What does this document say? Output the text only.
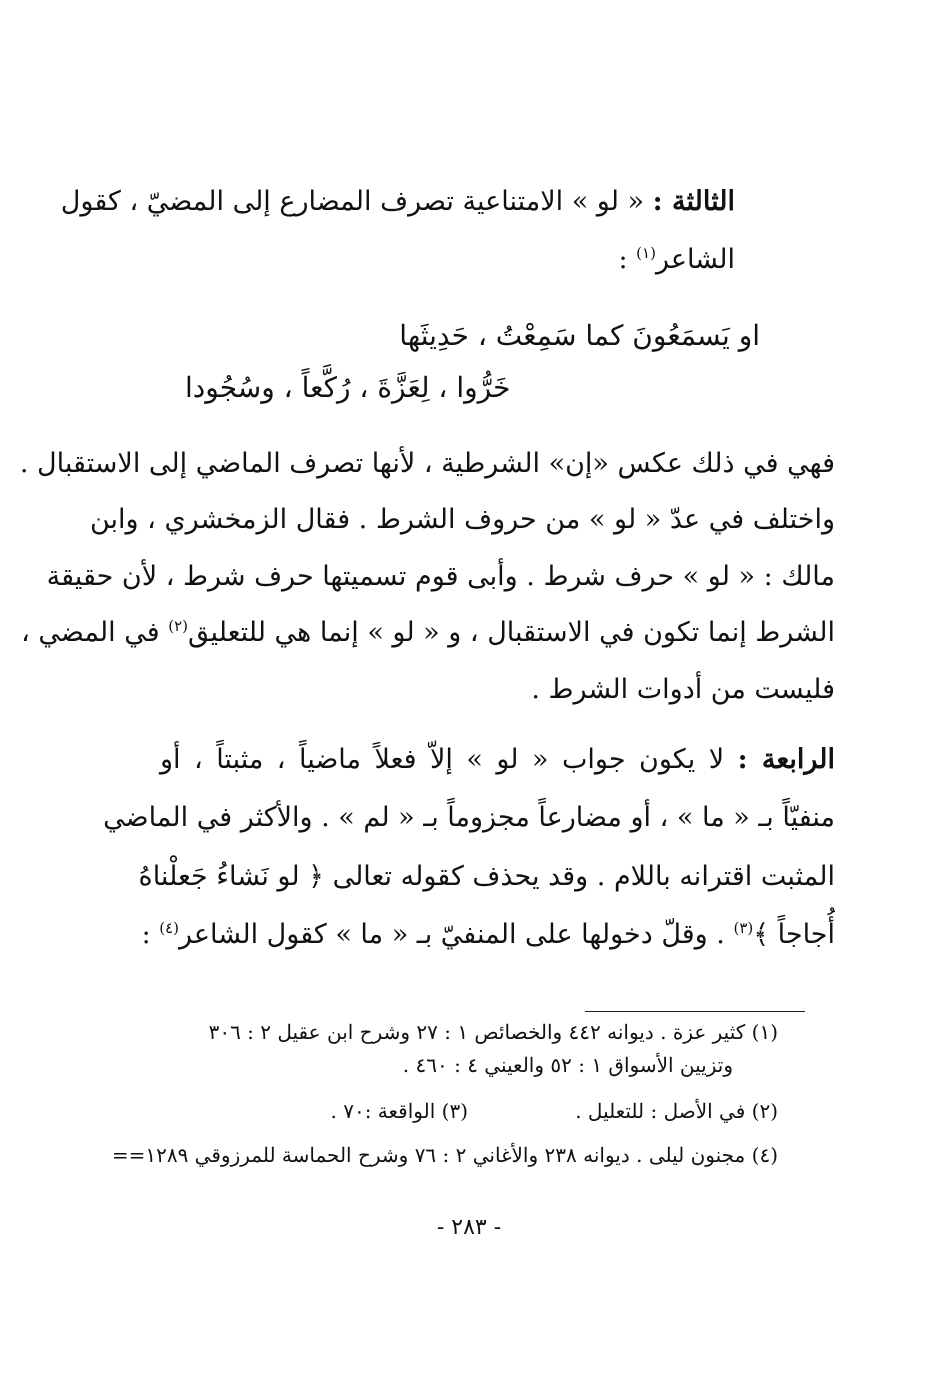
الثالثة : « لو » الامتناعية تصرف المضارع إلى المضيّ ، كقول
الشاعر$^{(١)}$ :
او يَسمَعُونَ كما سَمِعْتُ ، حَدِيثَها
خَرُّوا ، لِعَزَّةَ ، رُكَّعاً ، وسُجُودا
فهي في ذلك عكس «إن» الشرطية ، لأنها تصرف الماضي إلى الاستقبال .
واختلف في عدّ « لو » من حروف الشرط . فقال الزمخشري ، وابن
مالك : « لو » حرف شرط . وأبى قوم تسميتها حرف شرط ، لأن حقيقة
الشرط إنما تكون في الاستقبال ، و « لو » إنما هي للتعليق$^{(٢)}$ في المضي ،
فليست من أدوات الشرط .
الرابعة : لا يكون جواب « لو » إلاّ فعلاً ماضياً ، مثبتاً ، أو
منفيّاً بـ « ما » ، أو مضارعاً مجزوماً بـ « لم » . والأكثر في الماضي
المثبت اقترانه باللام . وقد يحذف كقوله تعالى ﴿ لو نَشاءُ جَعلْناهُ
أُجاجاً ﴾$^{(٣)}$ . وقلّ دخولها على المنفيّ بـ « ما » كقول الشاعر$^{(٤)}$ :
(١) كثير عزة . ديوانه ٤٤٢ والخصائص ١ : ٢٧ وشرح ابن عقيل ٢ : ٣٠٦
وتزيين الأسواق ١ : ٥٢ والعيني ٤ : ٤٦٠ .
(٢) في الأصل : للتعليل .
(٣) الواقعة :٧٠ .
(٤) مجنون ليلى . ديوانه ٢٣٨ والأغاني ٢ : ٧٦ وشرح الحماسة للمرزوقي ١٢٨٩==
- ٢٨٣ -
